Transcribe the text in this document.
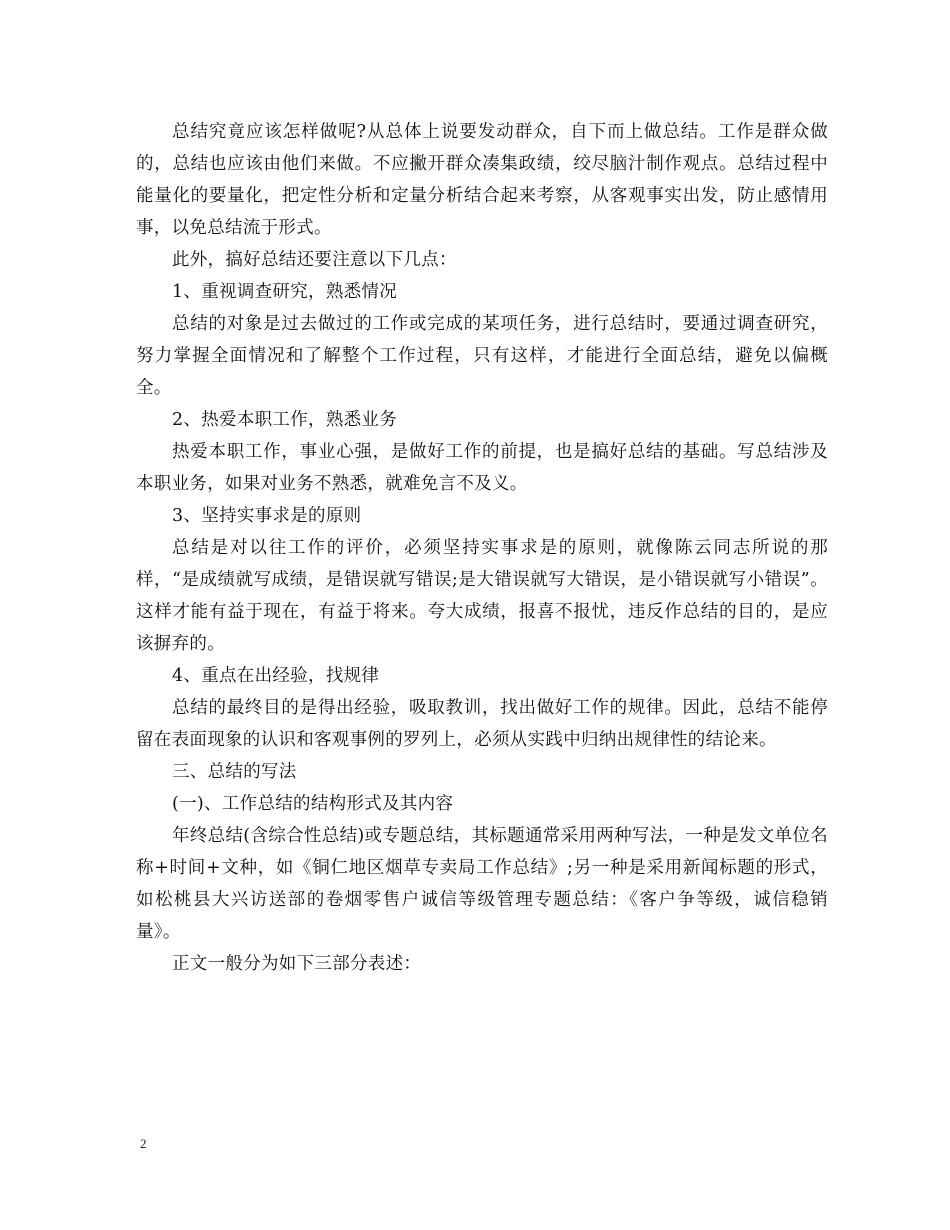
总结究竟应该怎样做呢?从总体上说要发动群众，自下而上做总结。工作是群众做的，总结也应该由他们来做。不应撇开群众凑集政绩，绞尽脑汁制作观点。总结过程中能量化的要量化，把定性分析和定量分析结合起来考察，从客观事实出发，防止感情用事，以免总结流于形式。

此外，搞好总结还要注意以下几点：

1、重视调查研究，熟悉情况

总结的对象是过去做过的工作或完成的某项任务，进行总结时，要通过调查研究，努力掌握全面情况和了解整个工作过程，只有这样，才能进行全面总结，避免以偏概全。

2、热爱本职工作，熟悉业务

热爱本职工作，事业心强，是做好工作的前提，也是搞好总结的基础。写总结涉及本职业务，如果对业务不熟悉，就难免言不及义。

3、坚持实事求是的原则

总结是对以往工作的评价，必须坚持实事求是的原则，就像陈云同志所说的那样，“是成绩就写成绩，是错误就写错误;是大错误就写大错误，是小错误就写小错误”。这样才能有益于现在，有益于将来。夸大成绩，报喜不报忧，违反作总结的目的，是应该摒弃的。

4、重点在出经验，找规律

总结的最终目的是得出经验，吸取教训，找出做好工作的规律。因此，总结不能停留在表面现象的认识和客观事例的罗列上，必须从实践中归纳出规律性的结论来。

三、总结的写法

(一)、工作总结的结构形式及其内容

年终总结(含综合性总结)或专题总结，其标题通常采用两种写法，一种是发文单位名称+时间+文种，如《铜仁地区烟草专卖局工作总结》;另一种是采用新闻标题的形式，如松桃县大兴访送部的卷烟零售户诚信等级管理专题总结：《客户争等级，诚信稳销量》。

正文一般分为如下三部分表述：

2
